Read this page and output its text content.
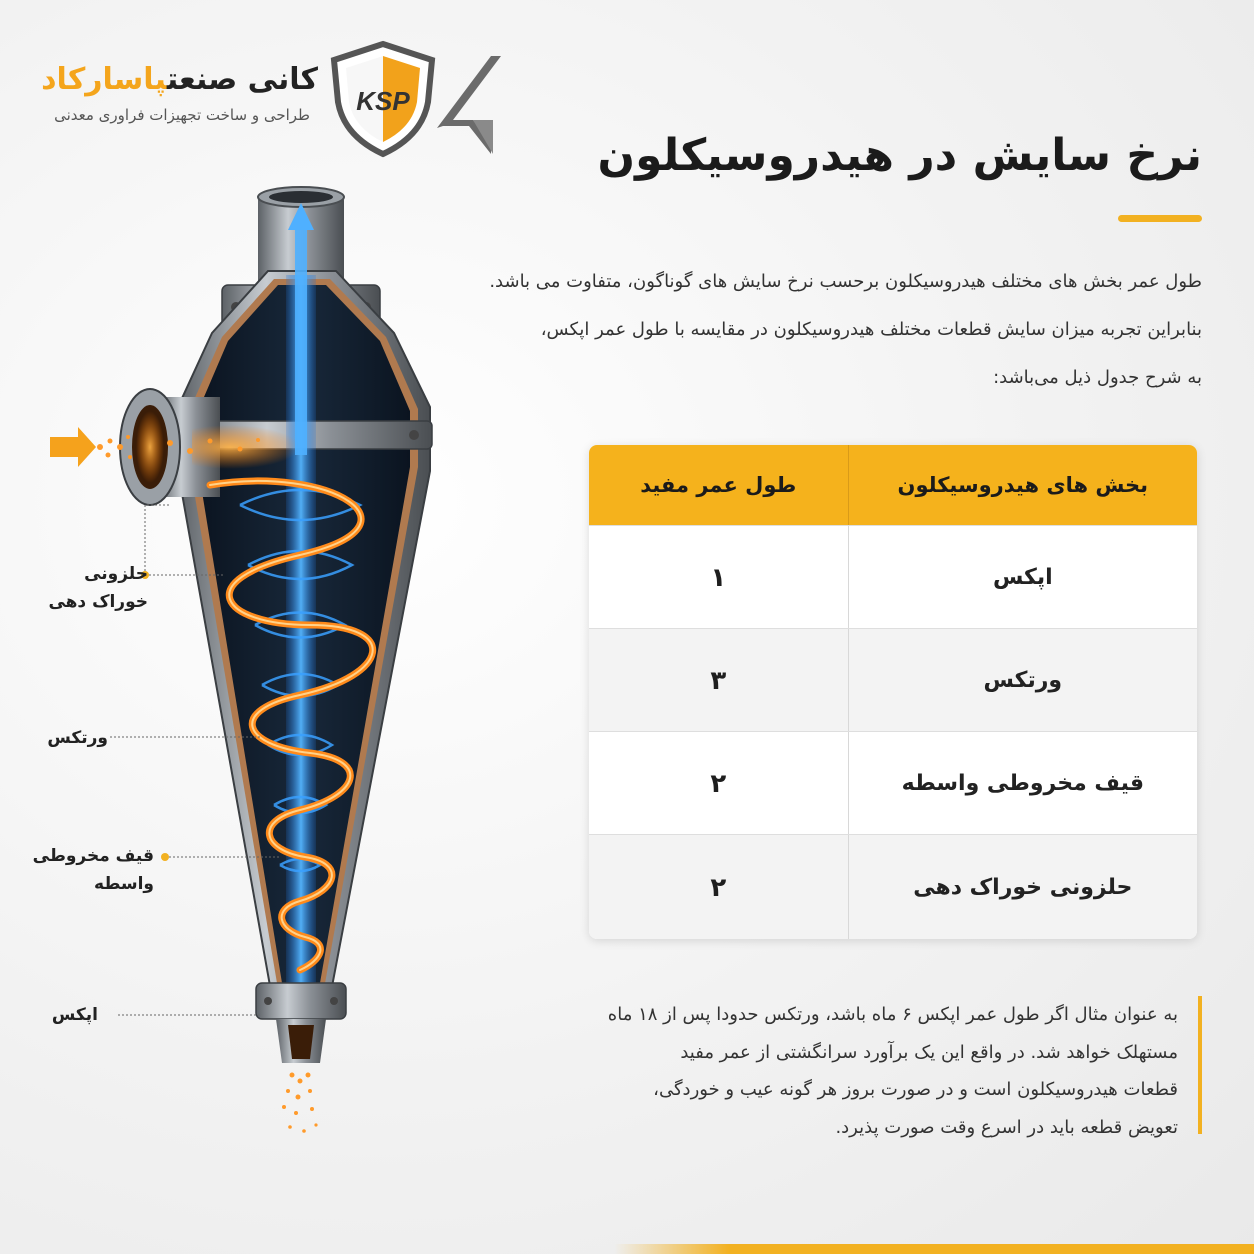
کانی صنعتپاسارکاد
طراحی و ساخت تجهیزات فراوری معدنی KSP
نرخ سایش در هیدروسیکلون

طول عمر بخش های مختلف هیدروسیکلون برحسب نرخ سایش های گوناگون، متفاوت می باشد.

بنابراین تجربه میزان سایش قطعات مختلف هیدروسیکلون در مقایسه با طول عمر اپکس،

به شرح جدول ذیل می‌باشد:

طول عمر مفید	بخش های هیدروسیکلون
۱	اپکس
۳	ورتکس
۲	قیف مخروطی واسطه
۲	حلزونی خوراک دهی

به عنوان مثال اگر طول عمر اپکس ۶ ماه باشد، ورتکس حدودا پس از ۱۸ ماه

مستهلک خواهد شد. در واقع این یک برآورد سرانگشتی از عمر مفید

قطعات هیدروسیکلون است و در صورت بروز هر گونه عیب و خوردگی،

تعویض قطعه باید در اسرع وقت صورت پذیرد.

حلزونی
خوراک دهی
ورتکس
قیف مخروطی
واسطه
اپکس
